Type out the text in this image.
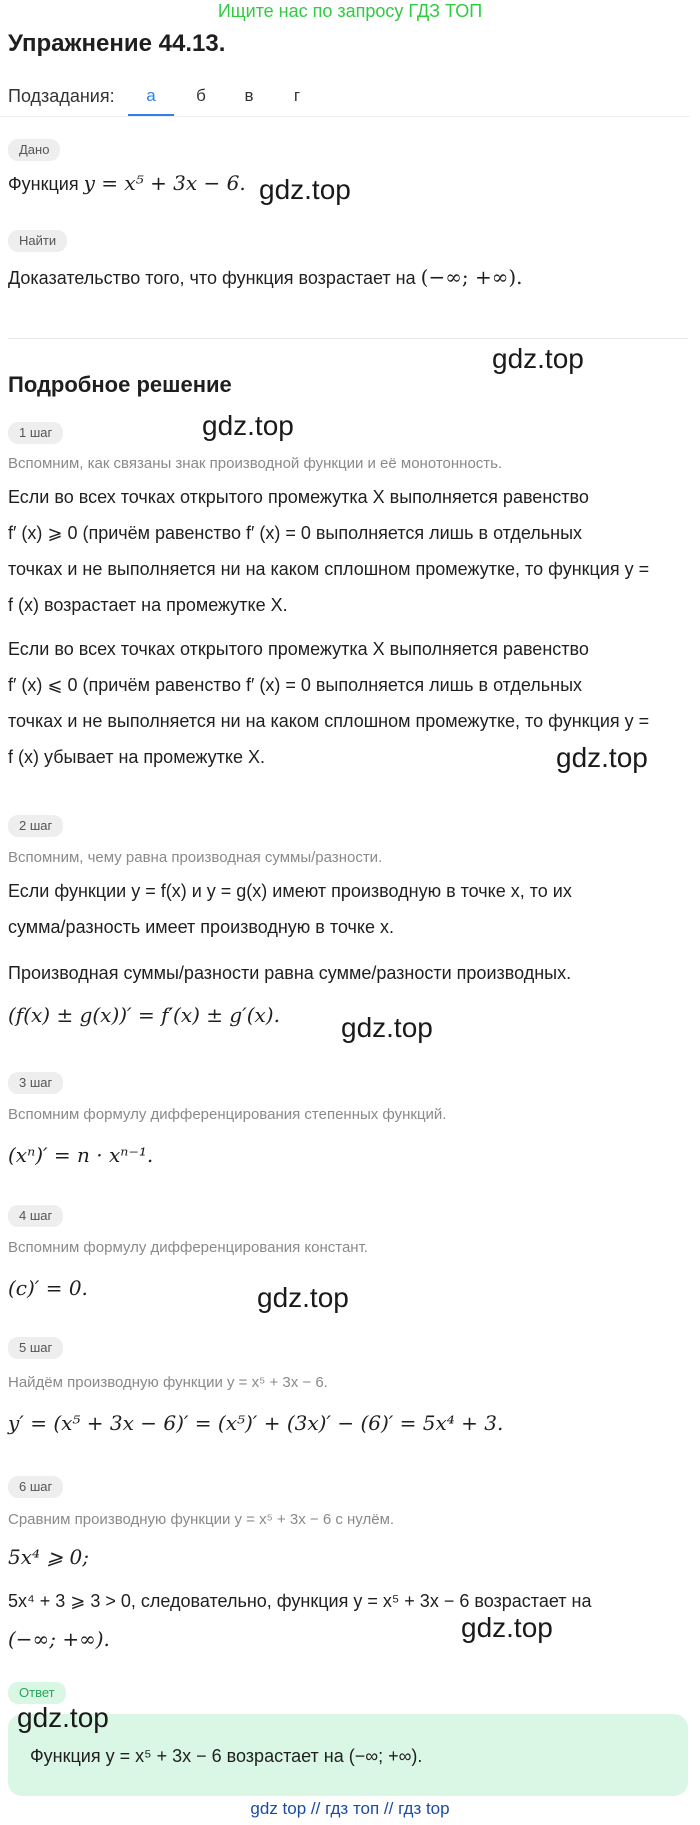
Ищите нас по запросу ГДЗ ТОП
Упражнение 44.13.
Подзадания:	а	б	в	г
Дано
Функция y = x⁵ + 3x − 6.
Найти
Доказательство того, что функция возрастает на (−∞; +∞).
Подробное решение
1 шаг
Вспомним, как связаны знак производной функции и её монотонность.
Если во всех точках открытого промежутка X выполняется равенство
f′ (x) ⩾ 0 (причём равенство f′ (x) = 0 выполняется лишь в отдельных
точках и не выполняется ни на каком сплошном промежутке, то функция y =
f (x) возрастает на промежутке X.
Если во всех точках открытого промежутка X выполняется равенство
f′ (x) ⩽ 0 (причём равенство f′ (x) = 0 выполняется лишь в отдельных
точках и не выполняется ни на каком сплошном промежутке, то функция y =
f (x) убывает на промежутке X.
2 шаг
Вспомним, чему равна производная суммы/разности.
Если функции y = f(x) и y = g(x) имеют производную в точке x, то их
сумма/разность имеет производную в точке x.
Производная суммы/разности равна сумме/разности производных.
(f(x) ± g(x))′ = f′(x) ± g′(x).
3 шаг
Вспомним формулу дифференцирования степенных функций.
(xⁿ)′ = n · xⁿ⁻¹.
4 шаг
Вспомним формулу дифференцирования констант.
(c)′ = 0.
5 шаг
Найдём производную функции y = x⁵ + 3x − 6.
y′ = (x⁵ + 3x − 6)′ = (x⁵)′ + (3x)′ − (6)′ = 5x⁴ + 3.
6 шаг
Сравним производную функции y = x⁵ + 3x − 6 с нулём.
5x⁴ ⩾ 0;
5x⁴ + 3 ⩾ 3 > 0, следовательно, функция y = x⁵ + 3x − 6 возрастает на
(−∞; +∞).
Ответ
Функция y = x⁵ + 3x − 6 возрастает на (−∞; +∞).
gdz.top
gdz.top
gdz.top
gdz.top
gdz.top
gdz.top
gdz.top
gdz.top
gdz top // гдз топ // гдз top
